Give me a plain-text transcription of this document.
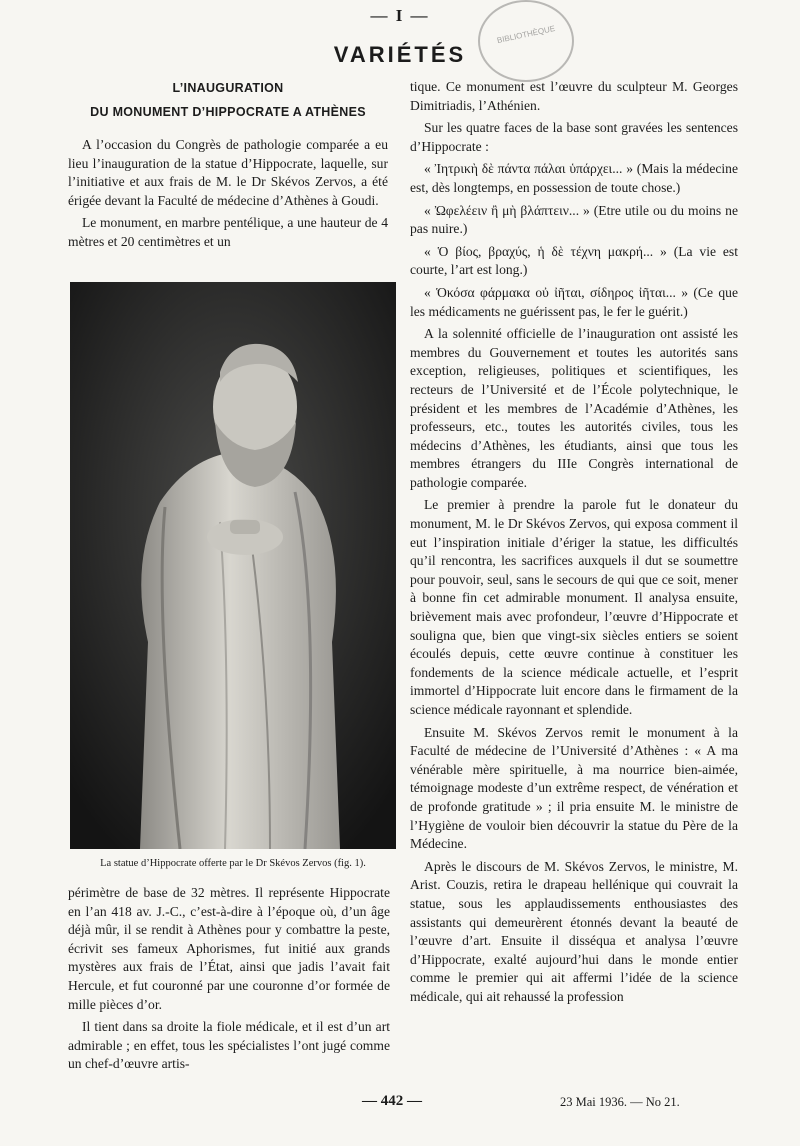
— I —
VARIÉTÉS
BIBLIOTHÈQUE
L’INAUGURATION
DU MONUMENT D’HIPPOCRATE A ATHÈNES

A l’occasion du Congrès de pathologie comparée a eu lieu l’inauguration de la statue d’Hippocrate, laquelle, sur l’initiative et aux frais de M. le Dr Skévos Zervos, a été érigée devant la Faculté de médecine d’Athènes à Goudi.

Le monument, en marbre pentélique, a une hauteur de 4 mètres et 20 centimètres et un

La statue d’Hippocrate offerte par le Dr Skévos Zervos (fig. 1).

périmètre de base de 32 mètres. Il représente Hippocrate en l’an 418 av. J.-C., c’est-à-dire à l’époque où, d’un âge déjà mûr, il se rendit à Athènes pour y combattre la peste, écrivit ses fameux Aphorismes, fut initié aux grands mystères aux frais de l’État, ainsi que jadis l’avait fait Hercule, et fut couronné par une couronne d’or formée de mille pièces d’or.

Il tient dans sa droite la fiole médicale, et il est d’un art admirable ; en effet, tous les spécialistes l’ont jugé comme un chef-d’œuvre artis-

tique. Ce monument est l’œuvre du sculpteur M. Georges Dimitriadis, l’Athénien.

Sur les quatre faces de la base sont gravées les sentences d’Hippocrate :

« Ἰητρικὴ δὲ πάντα πάλαι ὑπάρχει... » (Mais la médecine est, dès longtemps, en possession de toute chose.)

« Ὠφελέειν ἢ μὴ βλάπτειν... » (Etre utile ou du moins ne pas nuire.)

« Ὁ βίος, βραχύς, ἡ δὲ τέχνη μακρή... » (La vie est courte, l’art est long.)

« Ὁκόσα φάρμακα οὐ ἰῆται, σίδηρος ἰῆται... » (Ce que les médicaments ne guérissent pas, le fer le guérit.)

A la solennité officielle de l’inauguration ont assisté les membres du Gouvernement et toutes les autorités sans exception, religieuses, politiques et scientifiques, les recteurs de l’Université et de l’École polytechnique, le président et les membres de l’Académie d’Athènes, les professeurs, etc., toutes les autorités civiles, tous les médecins d’Athènes, les étudiants, ainsi que tous les membres étrangers du IIIe Congrès international de pathologie comparée.

Le premier à prendre la parole fut le donateur du monument, M. le Dr Skévos Zervos, qui exposa comment il eut l’inspiration initiale d’ériger la statue, les difficultés qu’il rencontra, les sacrifices auxquels il dut se soumettre pour pouvoir, seul, sans le secours de qui que ce soit, mener à bonne fin cet admirable monument. Il analysa ensuite, brièvement mais avec profondeur, l’œuvre d’Hippocrate et souligna que, bien que vingt-six siècles entiers se soient écoulés depuis, cette œuvre continue à constituer les fondements de la science médicale actuelle, et l’esprit immortel d’Hippocrate luit encore dans le firmament de la science médicale rayonnant et splendide.

Ensuite M. Skévos Zervos remit le monument à la Faculté de médecine de l’Université d’Athènes : « A ma vénérable mère spirituelle, à ma nourrice bien-aimée, témoignage modeste d’un extrême respect, de vénération et de profonde gratitude » ; il pria ensuite M. le ministre de l’Hygiène de vouloir bien découvrir la statue du Père de la Médecine.

Après le discours de M. Skévos Zervos, le ministre, M. Arist. Couzis, retira le drapeau hellénique qui couvrait la statue, sous les applaudissements enthousiastes des assistants qui demeurèrent étonnés devant la beauté de l’œuvre d’art. Ensuite il disséqua et analysa l’œuvre d’Hippocrate, exalté aujourd’hui dans le monde entier comme le premier qui ait affermi l’idée de la science médicale, qui ait rehaussé la profession

— 442 —	23 Mai 1936. — No 21.
